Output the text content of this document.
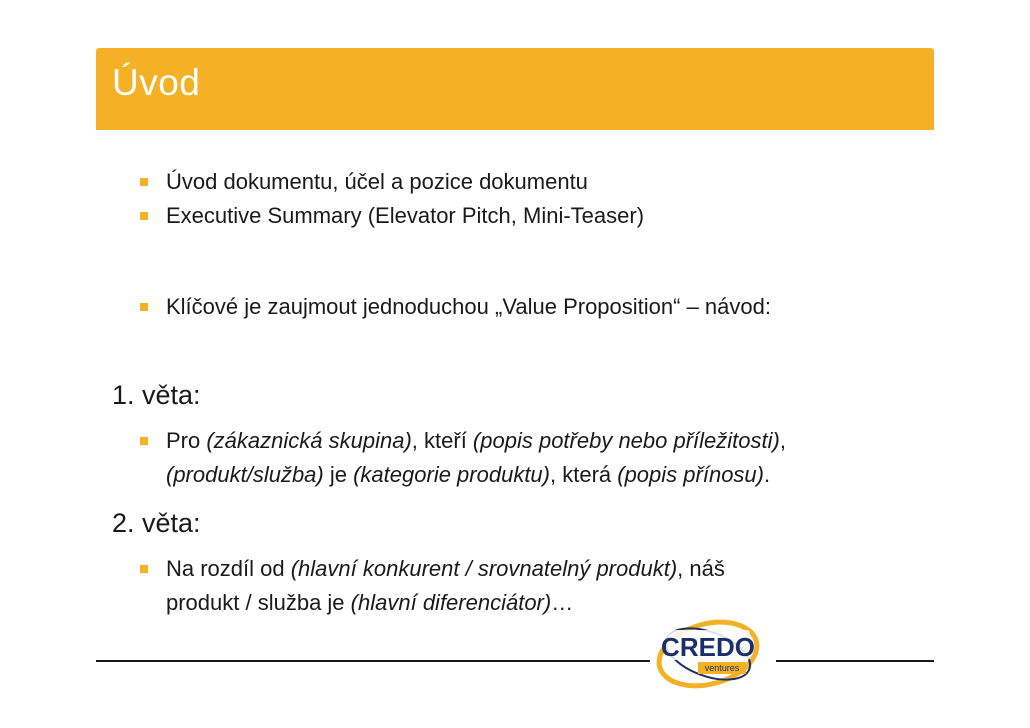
Úvod
Úvod dokumentu, účel a pozice dokumentu
Executive Summary (Elevator Pitch, Mini-Teaser)
Klíčové je zaujmout jednoduchou „Value Proposition“ – návod:
1. věta:
Pro (zákaznická skupina), kteří (popis potřeby nebo příležitosti),
(produkt/služba) je (kategorie produktu), která (popis přínosu).
2. věta:
Na rozdíl od (hlavní konkurent / srovnatelný produkt), náš
produkt / služba je (hlavní diferenciátor)…
CREDO
ventures
